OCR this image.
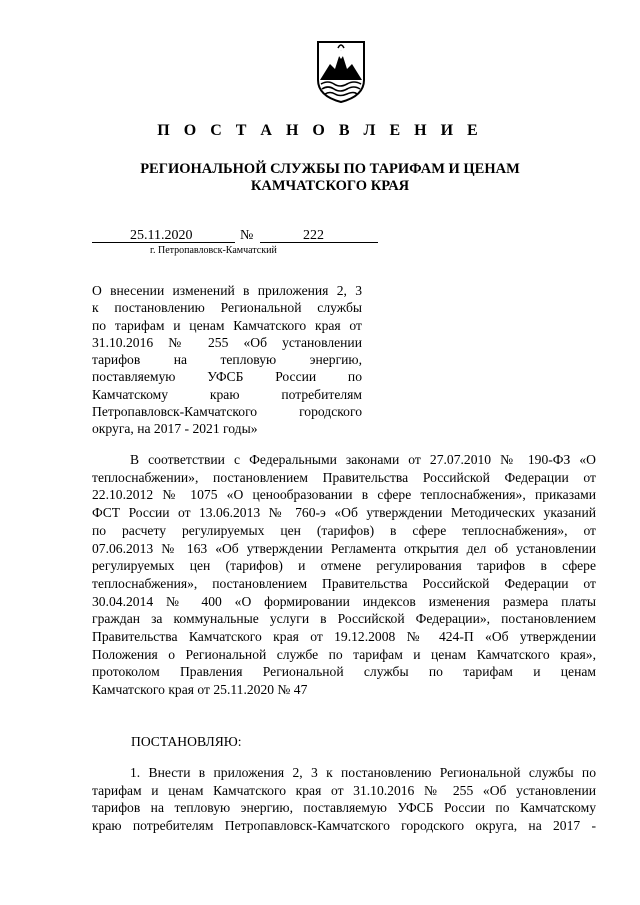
П О С Т А Н О В Л Е Н И Е
РЕГИОНАЛЬНОЙ СЛУЖБЫ ПО ТАРИФАМ И ЦЕНАМ
КАМЧАТСКОГО КРАЯ
25.11.2020	№	222
г. Петропавловск-Камчатский
О внесении изменений в приложения 2, 3
к постановлению Региональной службы
по тарифам и ценам Камчатского края от
31.10.2016 № 255 «Об установлении
тарифов на тепловую энергию,
поставляемую УФСБ России по
Камчатскому краю потребителям
Петропавловск-Камчатского городского
округа, на 2017 - 2021 годы»
В соответствии с Федеральными законами от 27.07.2010 № 190-ФЗ «О
теплоснабжении», постановлением Правительства Российской Федерации от
22.10.2012 № 1075 «О ценообразовании в сфере теплоснабжения», приказами
ФСТ России от 13.06.2013 № 760-э «Об утверждении Методических указаний
по расчету регулируемых цен (тарифов) в сфере теплоснабжения», от
07.06.2013 № 163 «Об утверждении Регламента открытия дел об установлении
регулируемых цен (тарифов) и отмене регулирования тарифов в сфере
теплоснабжения», постановлением Правительства Российской Федерации от
30.04.2014 № 400 «О формировании индексов изменения размера платы
граждан за коммунальные услуги в Российской Федерации», постановлением
Правительства Камчатского края от 19.12.2008 № 424-П «Об утверждении
Положения о Региональной службе по тарифам и ценам Камчатского края»,
протоколом Правления Региональной службы по тарифам и ценам
Камчатского края от 25.11.2020 № 47
ПОСТАНОВЛЯЮ:
1. Внести в приложения 2, 3 к постановлению Региональной службы по
тарифам и ценам Камчатского края от 31.10.2016 № 255 «Об установлении
тарифов на тепловую энергию, поставляемую УФСБ России по Камчатскому
краю потребителям Петропавловск-Камчатского городского округа, на 2017 -
